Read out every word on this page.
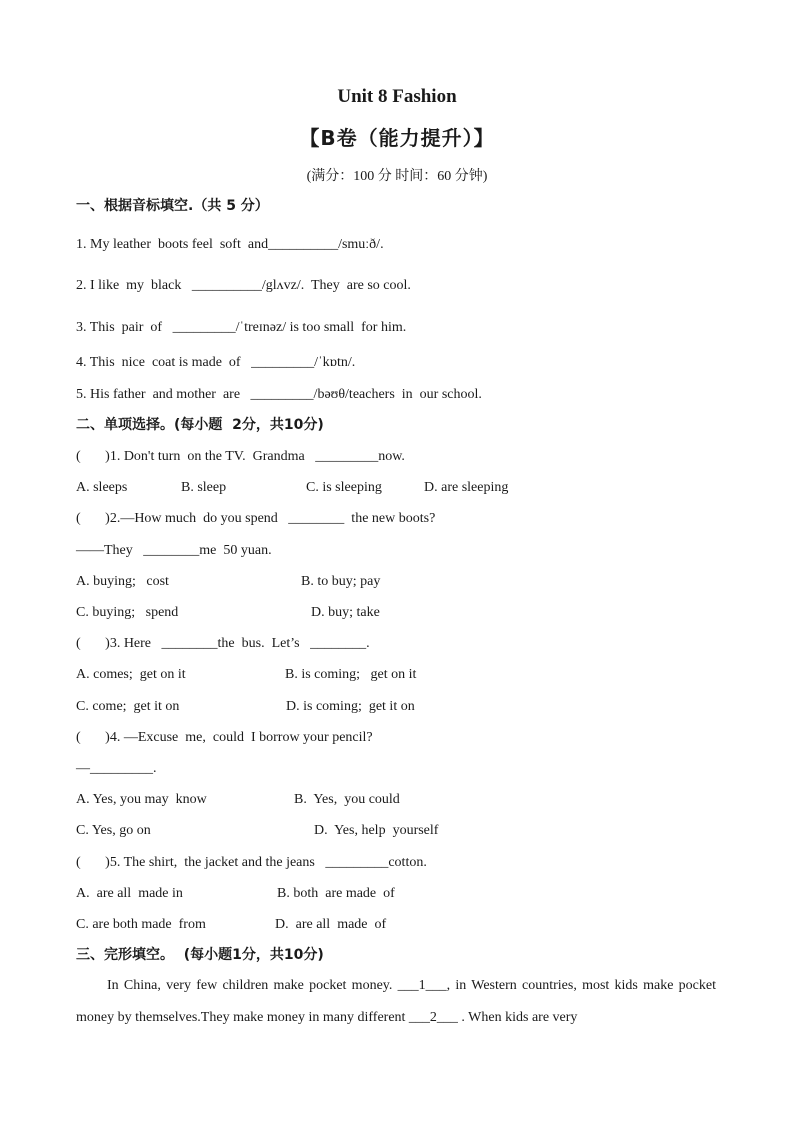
Unit 8 Fashion
【B卷（能力提升）】
(满分：100 分 时间：60 分钟)
一、根据音标填空.（共 5 分）
1. My leather  boots feel  soft  and__________/smuːð/.
2. I like  my  black   __________/glʌvz/.  They  are so cool.
3. This  pair  of   _________/ˈtreɪnəz/ is too small  for him.
4. This  nice  coat is made  of   _________/ˈkɒtn/.
5. His father  and mother  are   _________/bəʊθ/teachers  in  our school.
二、单项选择。(每小题  2分，共10分)
(       )1. Don't turn  on the TV.  Grandma   _________now.
A. sleeps	B. sleep	C. is sleeping	D. are sleeping
(       )2.—How much  do you spend   ________  the new boots?
——They   ________me  50 yuan.
A. buying;   cost	B. to buy; pay
C. buying;   spend	D. buy; take
(       )3. Here   ________the  bus.  Let’s   ________.
A. comes;  get on it	B. is coming;   get on it
C. come;  get it on	D. is coming;  get it on
(       )4. —Excuse  me,  could  I borrow your pencil?
—_________.
A. Yes, you may  know	B.  Yes,  you could
C. Yes, go on	D.  Yes, help  yourself
(       )5. The shirt,  the jacket and the jeans   _________cotton.
A.  are all  made in	B. both  are made  of
C. are both made  from	D.  are all  made  of
三、完形填空。  (每小题1分，共10分)
In China, very few children make pocket money. ___1___, in Western countries, most kids make pocket money by themselves.They make money in many different ___2___ . When kids are very
